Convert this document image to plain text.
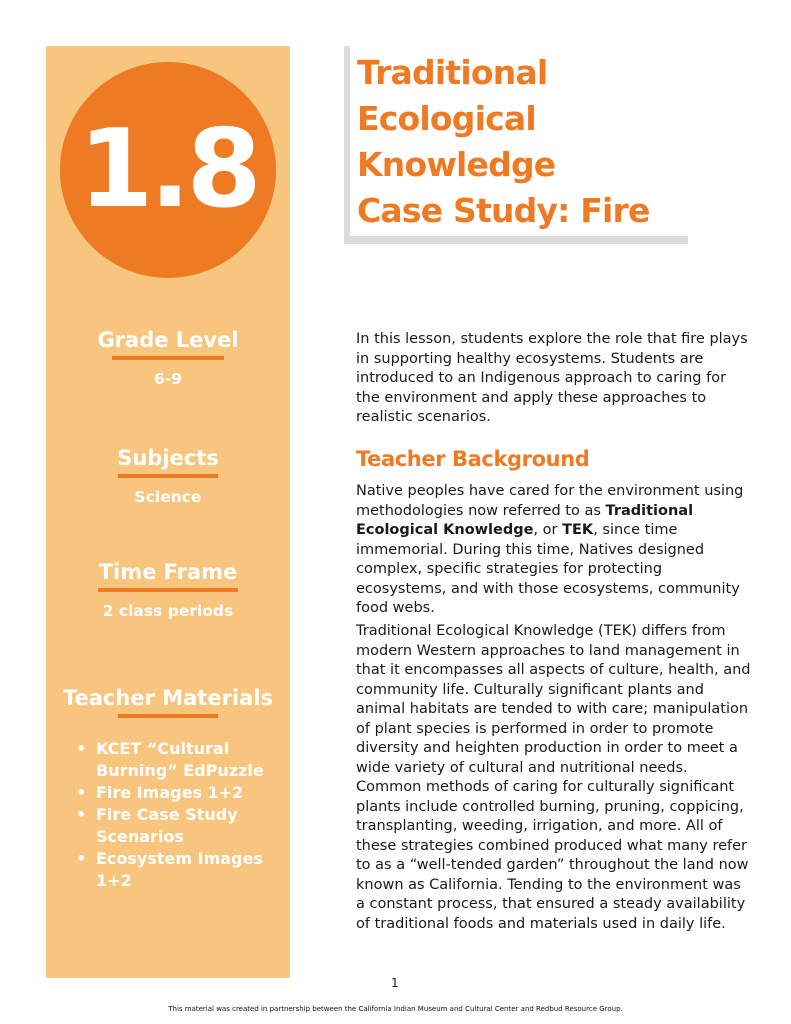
1.8
Traditional
Ecological
Knowledge
Case Study: Fire
Grade Level
6-9
Subjects
Science
Time Frame
2 class periods
Teacher Materials
• KCET “Cultural Burning” EdPuzzle
• Fire Images 1+2
• Fire Case Study Scenarios
• Ecosystem Images 1+2

In this lesson, students explore the role that fire plays in supporting healthy ecosystems. Students are introduced to an Indigenous approach to caring for the environment and apply these approaches to realistic scenarios.

Teacher Background

Native peoples have cared for the environment using methodologies now referred to as Traditional Ecological Knowledge, or TEK, since time immemorial. During this time, Natives designed complex, specific strategies for protecting ecosystems, and with those ecosystems, community food webs.

Traditional Ecological Knowledge (TEK) differs from modern Western approaches to land management in that it encompasses all aspects of culture, health, and community life. Culturally significant plants and animal habitats are tended to with care; manipulation of plant species is performed in order to promote diversity and heighten production in order to meet a wide variety of cultural and nutritional needs. Common methods of caring for culturally significant plants include controlled burning, pruning, coppicing, transplanting, weeding, irrigation, and more. All of these strategies combined produced what many refer to as a “well-tended garden” throughout the land now known as California. Tending to the environment was a constant process, that ensured a steady availability of traditional foods and materials used in daily life.

1
This material was created in partnership between the California Indian Museum and Cultural Center and Redbud Resource Group.
